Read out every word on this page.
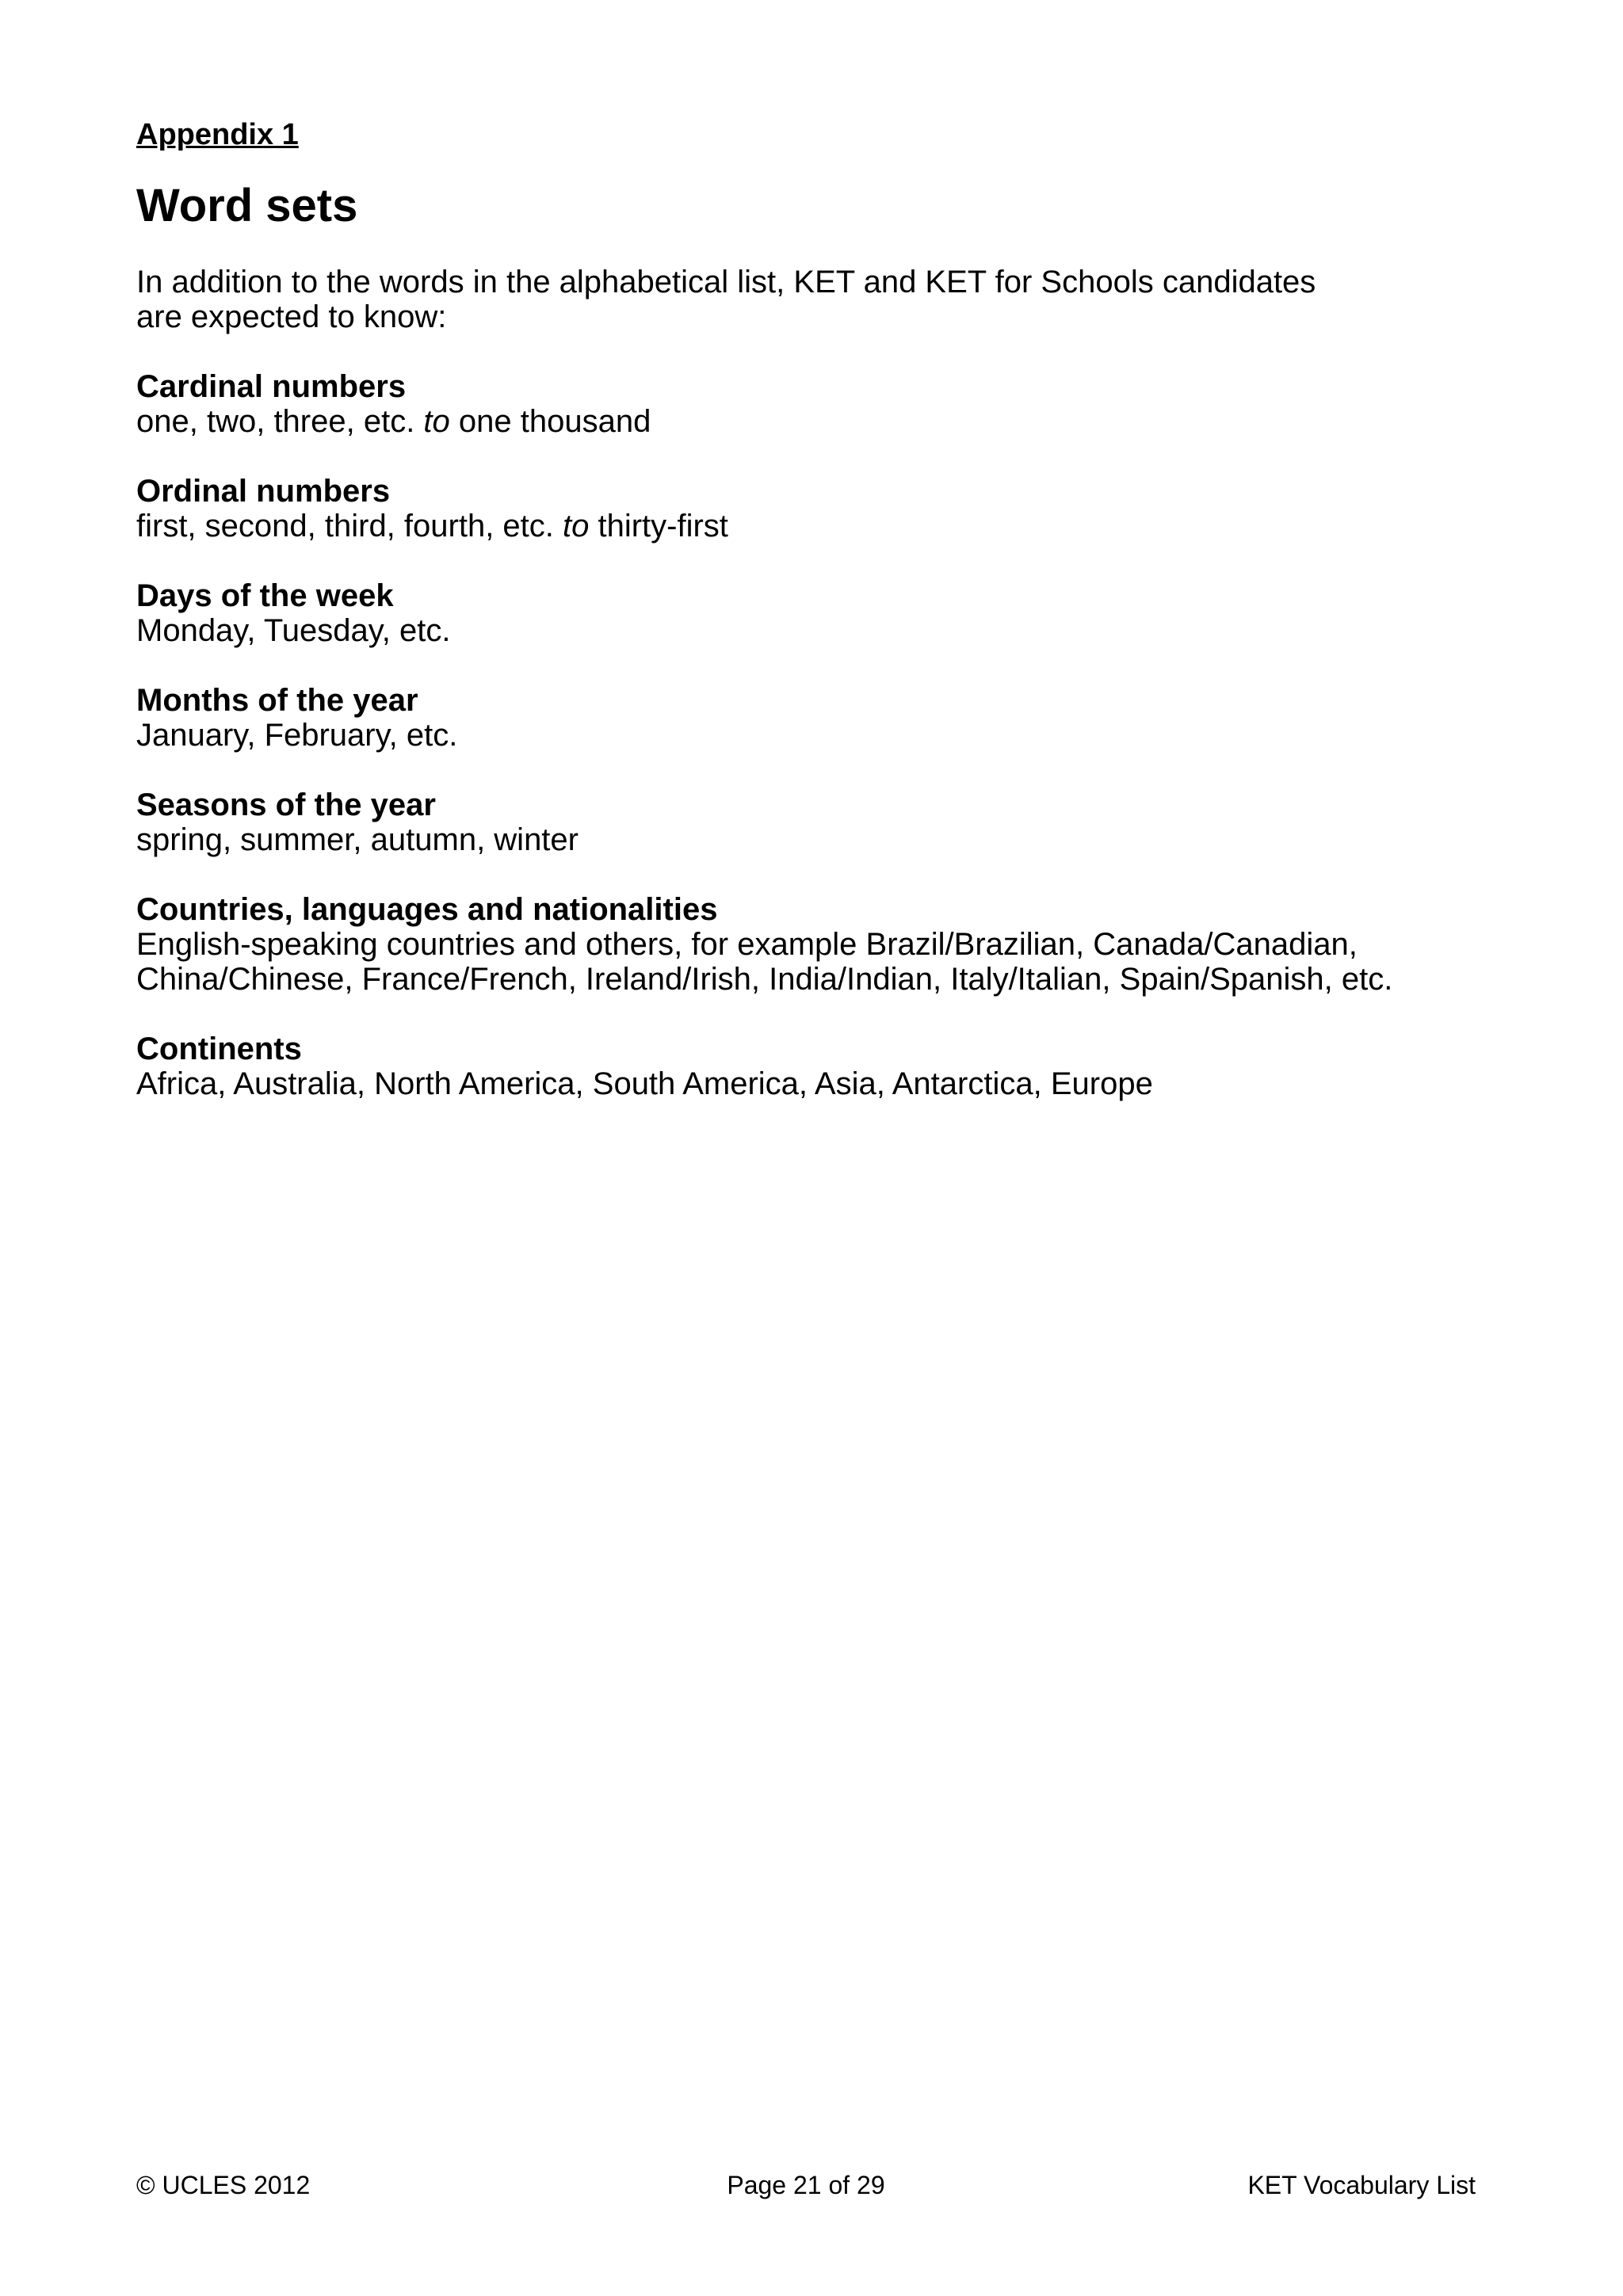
Appendix 1

Word sets

In addition to the words in the alphabetical list, KET and KET for Schools candidates
are expected to know:

Cardinal numbers

one, two, three, etc. to one thousand

Ordinal numbers

first, second, third, fourth, etc. to thirty-first

Days of the week

Monday, Tuesday, etc.

Months of the year

January, February, etc.

Seasons of the year

spring, summer, autumn, winter

Countries, languages and nationalities

English-speaking countries and others, for example Brazil/Brazilian, Canada/Canadian,
China/Chinese, France/French, Ireland/Irish, India/Indian, Italy/Italian, Spain/Spanish, etc.

Continents

Africa, Australia, North America, South America, Asia, Antarctica, Europe

© UCLES 2012	Page 21 of 29	KET Vocabulary List
